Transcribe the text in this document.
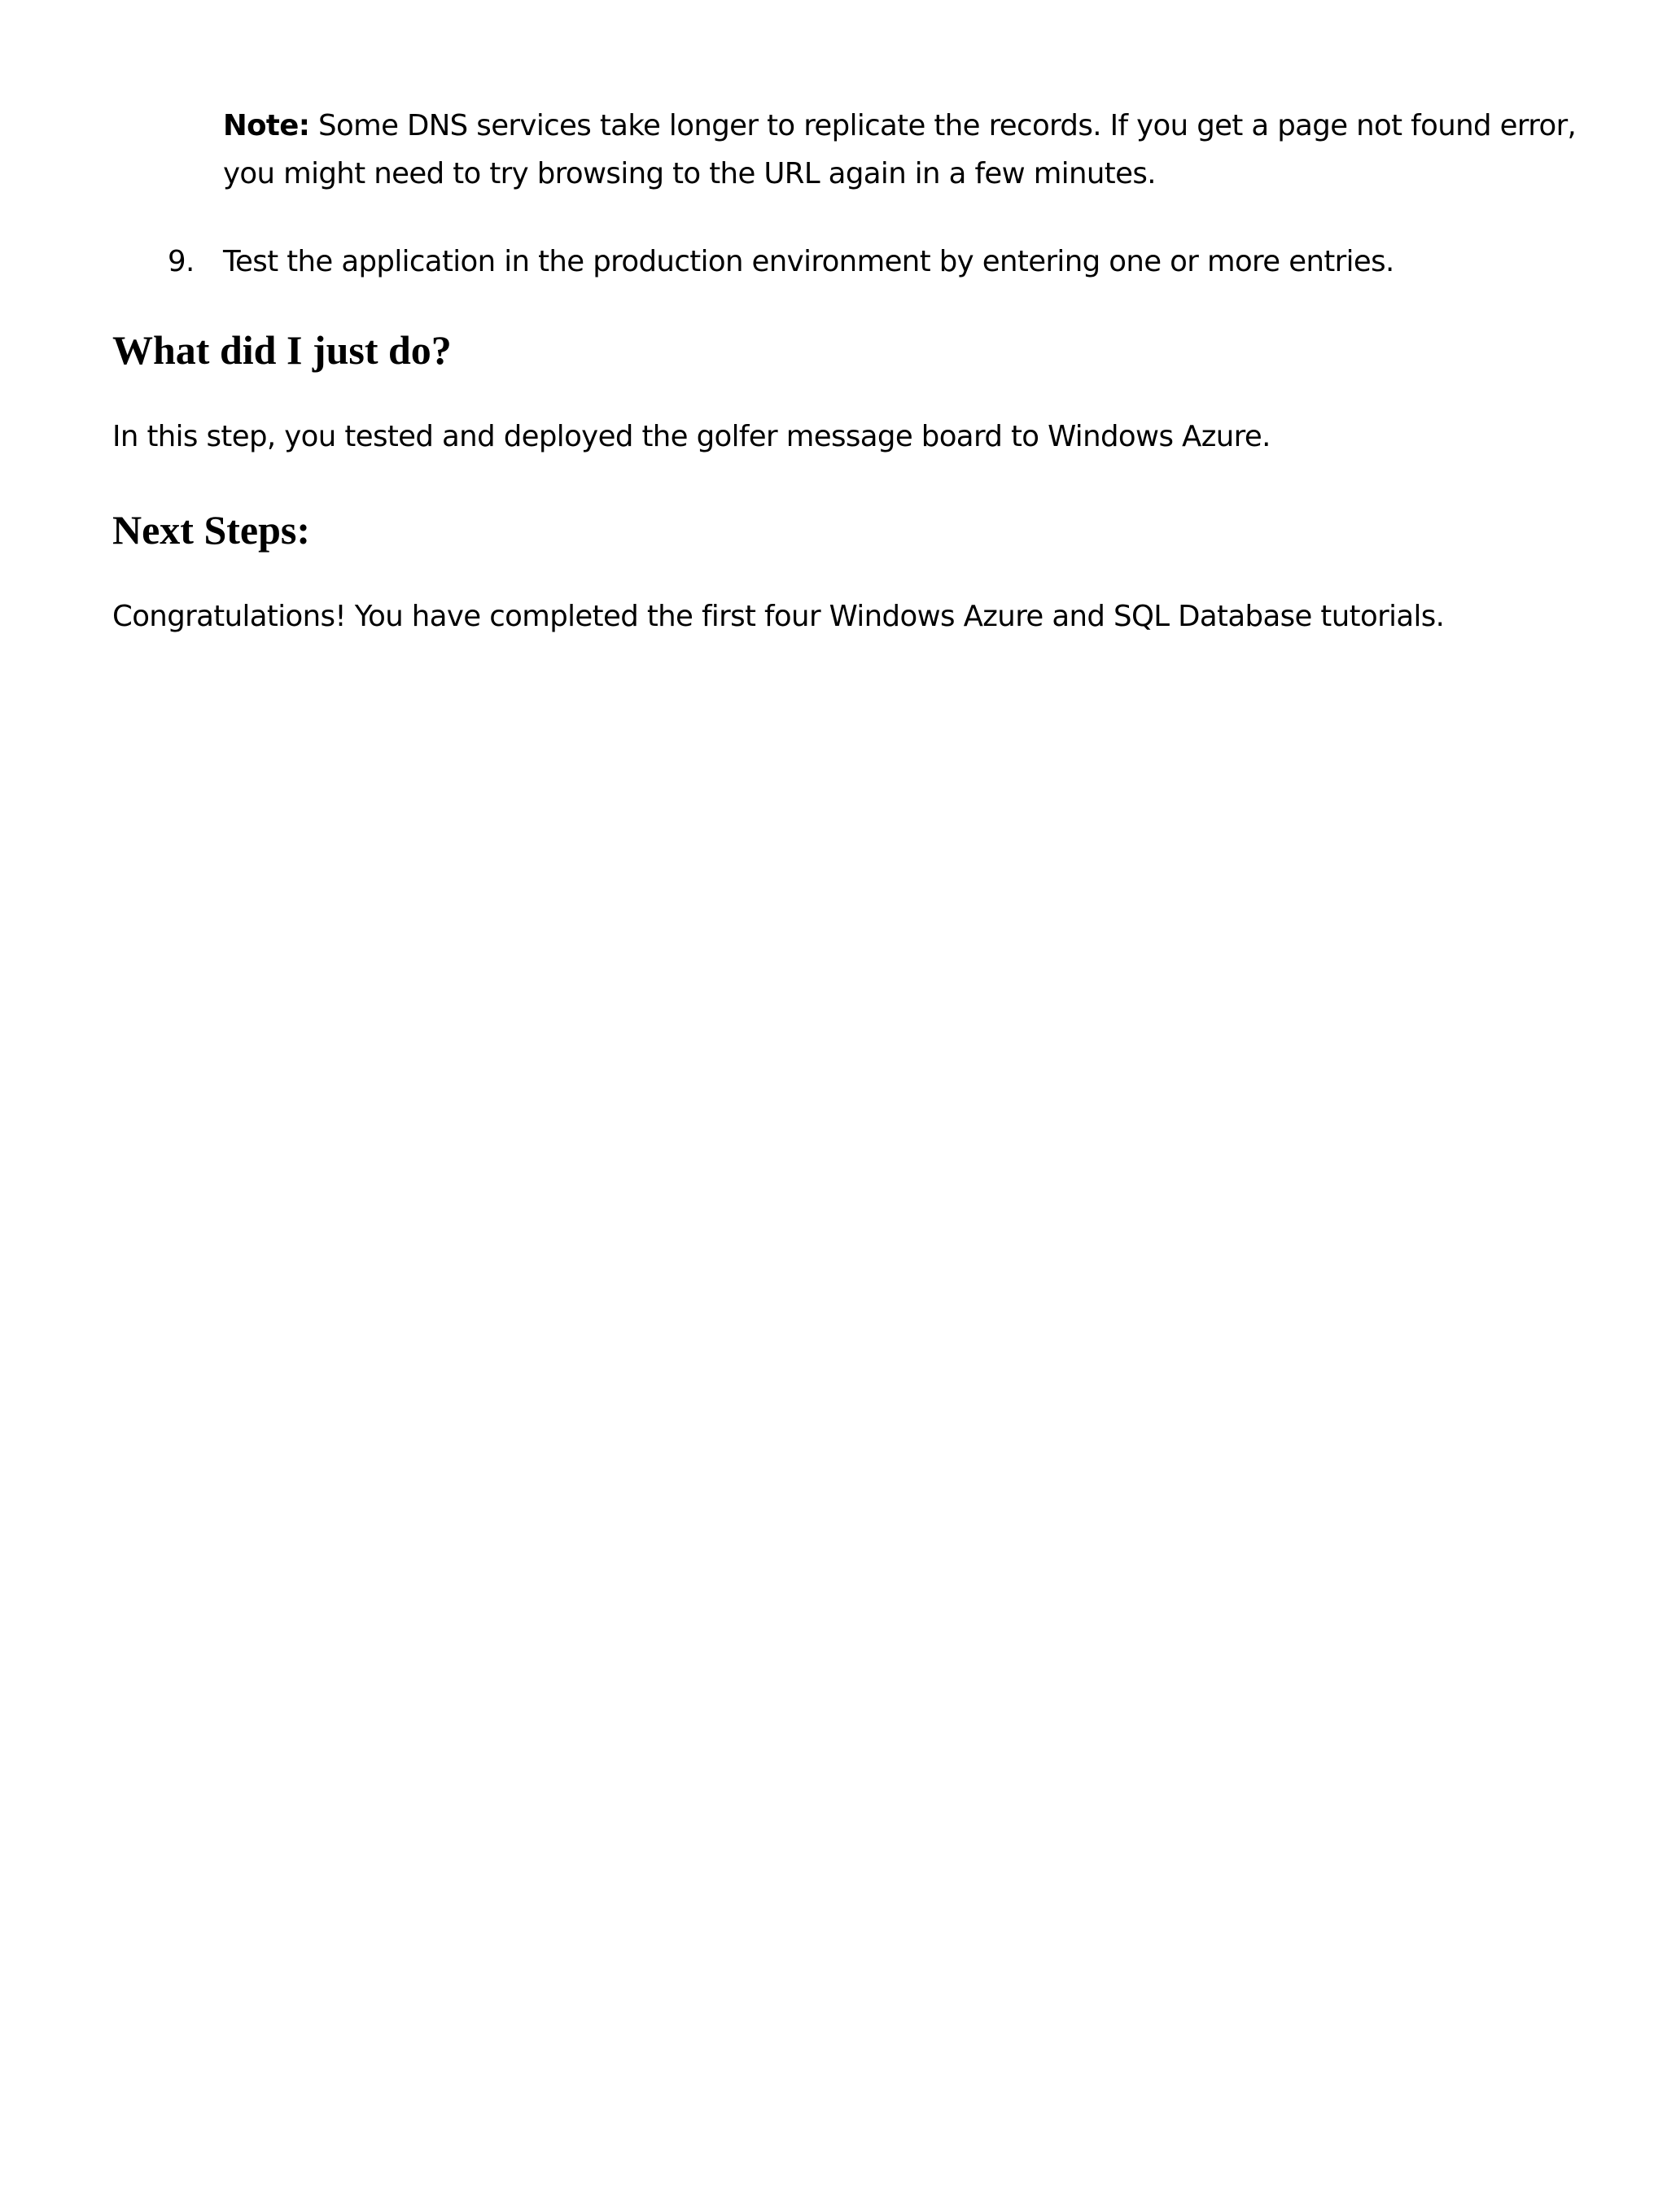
Note: Some DNS services take longer to replicate the records. If you get a page not found error,
you might need to try browsing to the URL again in a few minutes.
9. Test the application in the production environment by entering one or more entries.
What did I just do?
In this step, you tested and deployed the golfer message board to Windows Azure.
Next Steps:
Congratulations! You have completed the first four Windows Azure and SQL Database tutorials.
